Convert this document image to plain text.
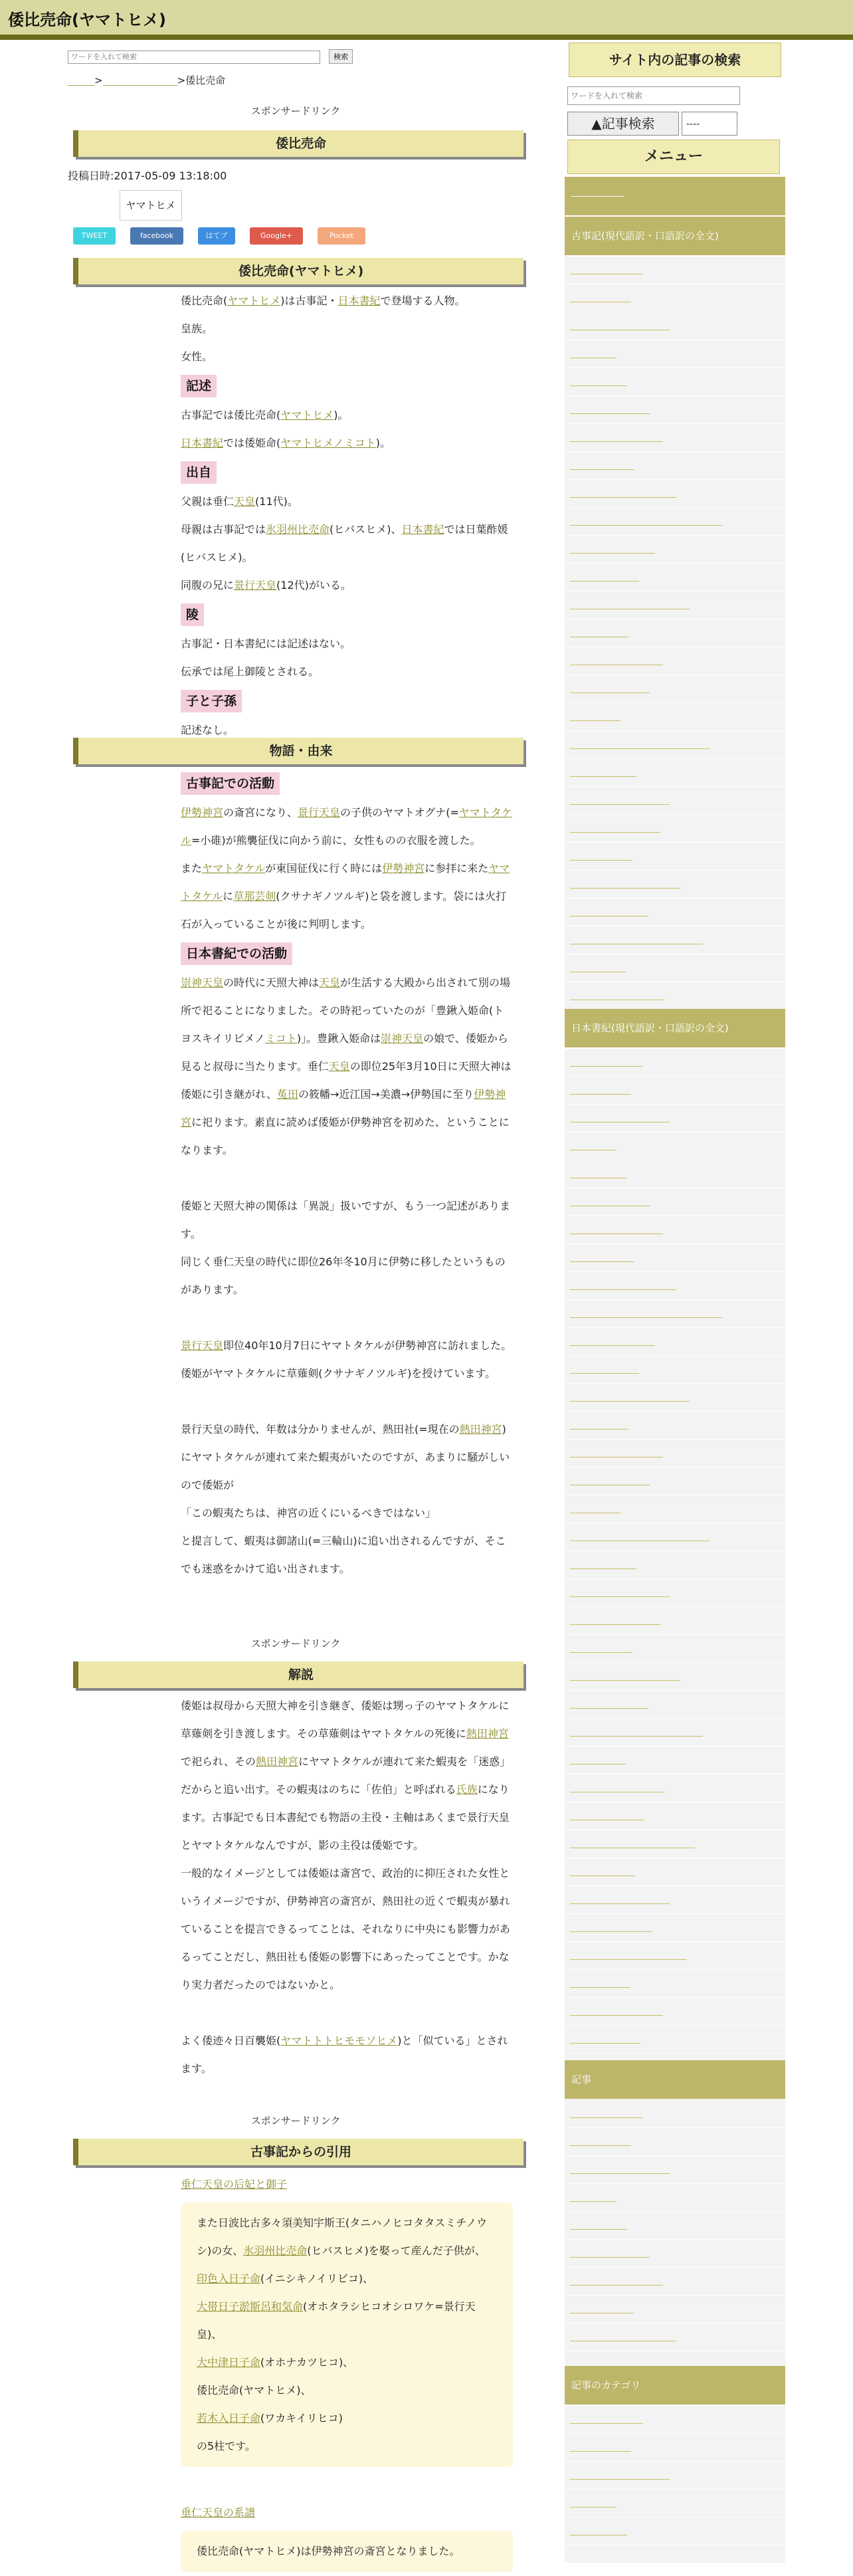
倭比売命(ヤマトヒメ)
ワードを入れて検索 検索
>	>倭比売命
スポンサードリンク
倭比売命
投稿日時:2017-05-09 13:18:00
ヤマトヒメ
TWEET	facebook	はてブ	Google+	Pocket
倭比売命(ヤマトヒメ)

倭比売命(ヤマトヒメ)は古事記・日本書紀で登場する人物。

皇族。

女性。

記述

古事記では倭比売命(ヤマトヒメ)。

日本書紀では倭姫命(ヤマトヒメノミコト)。

出自

父親は垂仁天皇(11代)。

母親は古事記では氷羽州比売命(ヒバスヒメ)、日本書紀では日葉酢媛(ヒバスヒメ)。

同腹の兄に景行天皇(12代)がいる。

陵

古事記・日本書紀には記述はない。

伝承では尾上御陵とされる。

子と子孫

記述なし。

物語・由来
古事記での活動

伊勢神宮の斎宮になり、景行天皇の子供のヤマトオグナ(=ヤマトタケル=小碓)が熊襲征伐に向かう前に、女性ものの衣服を渡した。

またヤマトタケルが東国征伐に行く時には伊勢神宮に参拝に来たヤマトタケルに草那芸剣(クサナギノツルギ)と袋を渡します。袋には火打石が入っていることが後に判明します。

日本書紀での活動

崇神天皇の時代に天照大神は天皇が生活する大殿から出されて別の場所で祀ることになりました。その時祀っていたのが「豊鍬入姫命(トヨスキイリビメノミコト)」。豊鍬入姫命は崇神天皇の娘で、倭姫から見ると叔母に当たります。垂仁天皇の即位25年3月10日に天照大神は倭姫に引き継がれ、菟田の筱幡→近江国→美濃→伊勢国に至り伊勢神宮に祀ります。素直に読めば倭姫が伊勢神宮を初めた、ということになります。

倭姫と天照大神の関係は「異説」扱いですが、もう一つ記述があります。

同じく垂仁天皇の時代に即位26年冬10月に伊勢に移したというものがあります。

景行天皇即位40年10月7日にヤマトタケルが伊勢神宮に訪れました。倭姫がヤマトタケルに草薙剣(クサナギノツルギ)を授けています。

景行天皇の時代、年数は分かりませんが、熱田社(=現在の熱田神宮)にヤマトタケルが連れて来た蝦夷がいたのですが、あまりに騒がしいので倭姫が

「この蝦夷たちは、神宮の近くにいるべきではない」

と提言して、蝦夷は御諸山(=三輪山)に追い出されるんですが、そこでも迷惑をかけて追い出されます。

スポンサードリンク
解説

倭姫は叔母から天照大神を引き継ぎ、倭姫は甥っ子のヤマトタケルに草薙剣を引き渡します。その草薙剣はヤマトタケルの死後に熱田神宮で祀られ、その熱田神宮にヤマトタケルが連れて来た蝦夷を「迷惑」だからと追い出す。その蝦夷はのちに「佐伯」と呼ばれる氏族になります。古事記でも日本書紀でも物語の主役・主軸はあくまで景行天皇とヤマトタケルなんですが、影の主役は倭姫です。

一般的なイメージとしては倭姫は斎宮で、政治的に抑圧された女性というイメージですが、伊勢神宮の斎宮が、熱田社の近くで蝦夷が暴れていることを提言できるってことは、それなりに中央にも影響力があるってことだし、熱田社も倭姫の影響下にあったってことです。かなり実力者だったのではないかと。

よく倭迹々日百襲姫(ヤマトトトヒモモソヒメ)と「似ている」とされます。

スポンサードリンク
古事記からの引用

垂仁天皇の后妃と御子

また日波比古多々須美知宇斯王(タニハノヒコタタスミチノウシ)の女、氷羽州比売命(ヒバスヒメ)を娶って産んだ子供が、

印色入日子命(イニシキノイリビコ)、

大帯日子淤斯呂和気命(オホタラシヒコオシロワケ=景行天皇)、

大中津日子命(オホナカツヒコ)、

倭比売命(ヤマトヒメ)、

若木入日子命(ワカキイリヒコ)

の5柱です。

垂仁天皇の系譜

倭比売命(ヤマトヒメ)は伊勢神宮の斎宮となりました。

サイト内の記事の検索
ワードを入れて検索
▲記事検索	----
メニュー
古事記(現代語訳・口語訳の全文)
日本書紀(現代語訳・口語訳の全文)
記事
記事のカテゴリ
